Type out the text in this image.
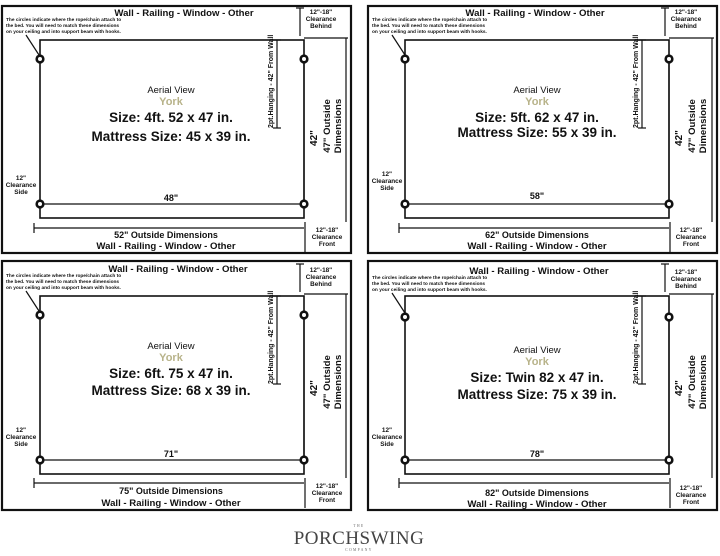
Wall - Railing - Window - Other
The circles indicate where the rope/chain attach to
the bed. You will need to match these dimensions
on your ceiling and into support beam with hooks.
12"-18"
Clearance
Behind
2pt.Hanging - 42" From Wall
42" 47" Outside Dimensions
12"
Clearance
Side
Aerial View
York
Size: 4ft. 52 x 47 in.
Mattress Size: 45 x 39 in.
48"
52" Outside Dimensions
Wall - Railing - Window - Other
12"-18"
Clearance
Front
Wall - Railing - Window - Other
The circles indicate where the rope/chain attach to
the bed. You will need to match these dimensions
on your ceiling and into support beam with hooks.
12"-18"
Clearance
Behind
2pt.Hanging - 42" From Wall
42" 47" Outside Dimensions
12"
Clearance
Side
Aerial View
York
Size: 5ft. 62 x 47 in.
Mattress Size: 55 x 39 in.
58"
62" Outside Dimensions
Wall - Railing - Window - Other
12"-18"
Clearance
Front
Wall - Railing - Window - Other
The circles indicate where the rope/chain attach to
the bed. You will need to match these dimensions
on your ceiling and into support beam with hooks.
12"-18"
Clearance
Behind
2pt.Hanging - 42" From Wall
42" 47" Outside Dimensions
12"
Clearance
Side
Aerial View
York
Size: 6ft. 75 x 47 in.
Mattress Size: 68 x 39 in.
71"
75" Outside Dimensions
Wall - Railing - Window - Other
12"-18"
Clearance
Front
Wall - Railing - Window - Other
The circles indicate where the rope/chain attach to
the bed. You will need to match these dimensions
on your ceiling and into support beam with hooks.
12"-18"
Clearance
Behind
2pt.Hanging - 42" From Wall
42" 47" Outside Dimensions
12"
Clearance
Side
Aerial View
York
Size: Twin 82 x 47 in.
Mattress Size: 75 x 39 in.
78"
82" Outside Dimensions
Wall - Railing - Window - Other
12"-18"
Clearance
Front
THE
PORCHSWING
COMPANY
